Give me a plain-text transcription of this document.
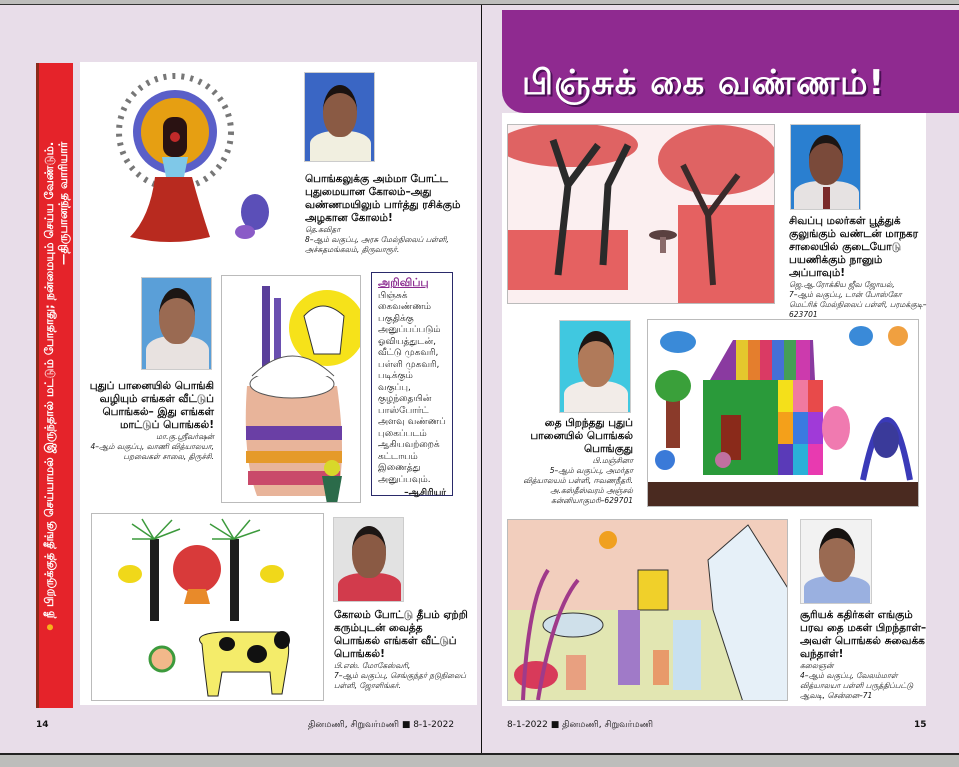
நீ பிறருக்குத் தீங்கு செய்யாமல் இருந்தால் மட்டும் போதாது; நன்மையும் செய்ய வேண்டும். —திருபானந்த வாரியார்	பொங்கலுக்கு அம்மா போட்ட புதுமையான கோலம்–அது வண்ணமயிலும் பார்த்து ரசிக்கும் அழகான கோலம்!
தெ.கவிதா
8–ஆம் வகுப்பு, அரசு மேல்நிலைப் பள்ளி, அச்சுதமங்கலம், திருவாரூர்.
புதுப் பானையில் பொங்கி வழியும் எங்கள் வீட்டுப் பொங்கல்– இது எங்கள் மாட்டுப் பொங்கல்!
மா.கு.ஸ்ரீவர்ஷன்
4–ஆம் வகுப்பு, வாணி வித்யாலயா, பறவைகள் சாலை, திருச்சி.
அறிவிப்பு
பிஞ்சுக் கைவண்ணம் பகுதிக்கு அனுப்பப்படும் ஓவியத்துடன், வீட்டு முகவரி, பள்ளி முகவரி, படிக்கும் வகுப்பு, குழந்தையின் பாஸ்போர்ட் அளவு வண்ணப் புகைப்படம் ஆகியவற்றைக் கட்டாயம் இணைத்து அனுப்பவும்.
–ஆசிரியர்
கோலம் போட்டு தீபம் ஏற்றி கரும்புடன் வைத்த பொங்கல் எங்கள் வீட்டுப் பொங்கல்!
பி.எஸ். மோகேஸ்வரி,
7–ஆம் வகுப்பு, செங்குந்தர் நடுநிலைப் பள்ளி, ஜோளிங்கர்.
14	தினமணி, சிறுவர்மணி ■ 8-1-2022
பிஞ்சுக் கை வண்ணம்!
சிவப்பு மலர்கள் பூத்துக் குலுங்கும் வண்டன் மாநகர சாலையில் குடையோடு பயணிக்கும் நானும் அப்பாவும்!
ஜெ.ஆ.ரோக்கிய ஜீவ ஜோயல்,
7–ஆம் வகுப்பு, டான் போஸ்கோ மெட்ரிக் மேல்நிலைப் பள்ளி, பரமக்குடி–623701
தை பிறந்தது புதுப் பானையில் பொங்கல் பொங்குது
பி.மஞ்சினா
5–ஆம் வகுப்பு, அமர்தா வித்யாலயம் பள்ளி, ஈவணநீதரி. அ.கஸ்தீஸ்வரம் அஞ்சல் கன்னியாகுமரி–629701
சூரியக் கதிர்கள் எங்கும் பரவ தை மகள் பிறந்தாள்–அவள் பொங்கல் சுவைக்க வந்தாள்!
கலைஞன்
4–ஆம் வகுப்பு, வேலம்மாள் வித்யாலயா பள்ளி பருத்திப்பட்டு ஆவடி, சென்னை–71
8-1-2022 ■ தினமணி, சிறுவர்மணி	15
